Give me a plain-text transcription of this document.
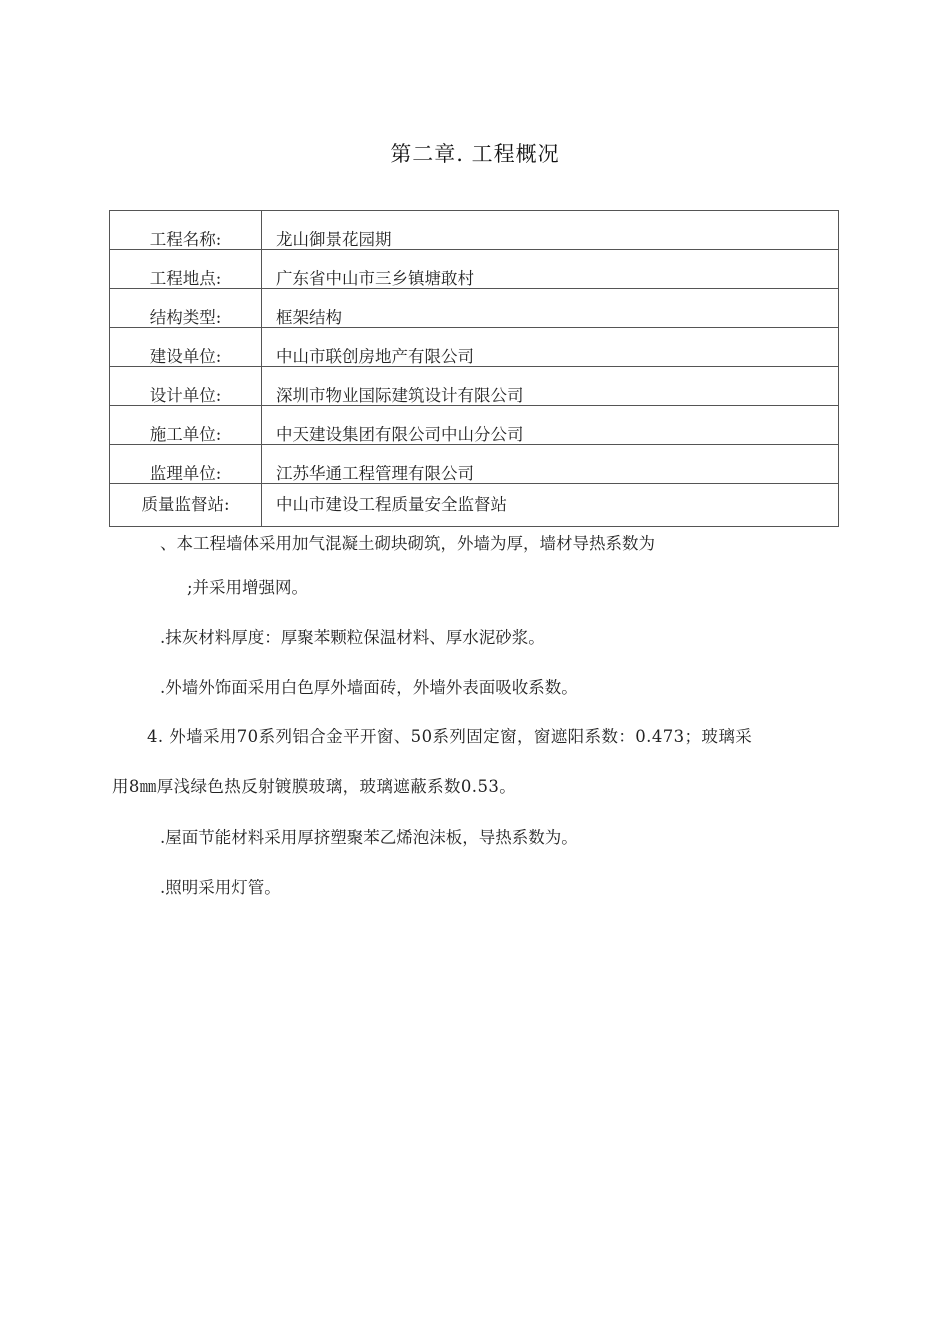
第二章. 工程概况
工程名称:	龙山御景花园期
工程地点:	广东省中山市三乡镇塘敢村
结构类型:	框架结构
建设单位:	中山市联创房地产有限公司
设计单位:	深圳市物业国际建筑设计有限公司
施工单位:	中天建设集团有限公司中山分公司
监理单位:	江苏华通工程管理有限公司
质量监督站:	中山市建设工程质量安全监督站
、本工程墙体采用加气混凝土砌块砌筑，外墙为厚，墙材导热系数为
;并采用增强网。
.抹灰材料厚度：厚聚苯颗粒保温材料、厚水泥砂浆。
.外墙外饰面采用白色厚外墙面砖，外墙外表面吸收系数。
4. 外墙采用70系列铝合金平开窗、50系列固定窗，窗遮阳系数：0.473；玻璃采
用8㎜厚浅绿色热反射镀膜玻璃，玻璃遮蔽系数0.53。
.屋面节能材料采用厚挤塑聚苯乙烯泡沫板，导热系数为。
.照明采用灯管。
